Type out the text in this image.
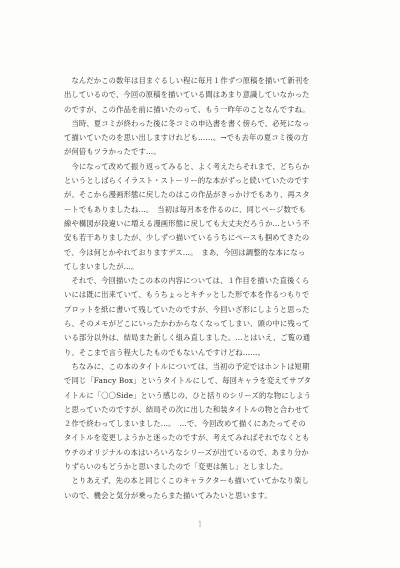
　なんだかこの数年は目まぐるしい程に毎月１作ずつ原稿を描いて新刊を
出しているので、今回の原稿を描いている間はあまり意識していなかった
のですが、この作品を前に描いたのって、もう一昨年のことなんですね。

　当時、夏コミが終わった後に冬コミの申込書を書く傍らで、必死になっ
て描いていたのを思い出しますけれども……。→でも去年の夏コミ後の方
が何倍もツラかったです…。

　今になって改めて振り返ってみると、よく考えたらそれまで、どちらか
というとしばらくイラスト・ストーリー的な本がずっと続いていたのです
が、そこから漫画形態に戻したのはこの作品がきっかけでもあり、再スタ
ートでもありましたね…。　当初は毎月本を作るのに、同じページ数でも
線や構図が段違いに増える漫画形態に戻しても大丈夫だろうか…という不
安も若干ありましたが、少しずつ描いているうちにペースも掴めてきたの
で、今は何とかやれておりますデス…。　まあ、今回は調整的な本になっ
てしまいましたが…。

　それで、今回描いたこの本の内容については、１作目を描いた直後くら
いには既に出来ていて、もうちょっとキチッとした形で本を作るつもりで
プロットを紙に書いて残していたのですが、今回いざ形にしようと思った
ら、そのメモがどこにいったかわからなくなってしまい、頭の中に残って
いる部分以外は、結局また新しく組み直しました。…とはいえ、ご覧の通
り、そこまで言う程大したものでもないんですけどね……。

　ちなみに、この本のタイトルについては、当初の予定ではホントは短期
で同じ「Fancy Box」というタイトルにして、毎回キャラを変えてサブタ
イトルに「〇〇Side」という感じの、ひと括りのシリーズ的な物にしよう
と思っていたのですが、結局その次に出した和装タイトルの物と合わせて
２作で終わってしまいました…。　…で、今回改めて描くにあたってその
タイトルを変更しようかと迷ったのですが、考えてみればそれでなくとも
ウチのオリジナルの本はいろいろなシリーズが出ているので、あまり分か
りずらいのもどうかと思いましたので「変更は無し」としました。

　とりあえず、先の本と同じくこのキャラクターも描いていてかなり楽し
いので、機会と気分が乗ったらまた描いてみたいと思います。

1
